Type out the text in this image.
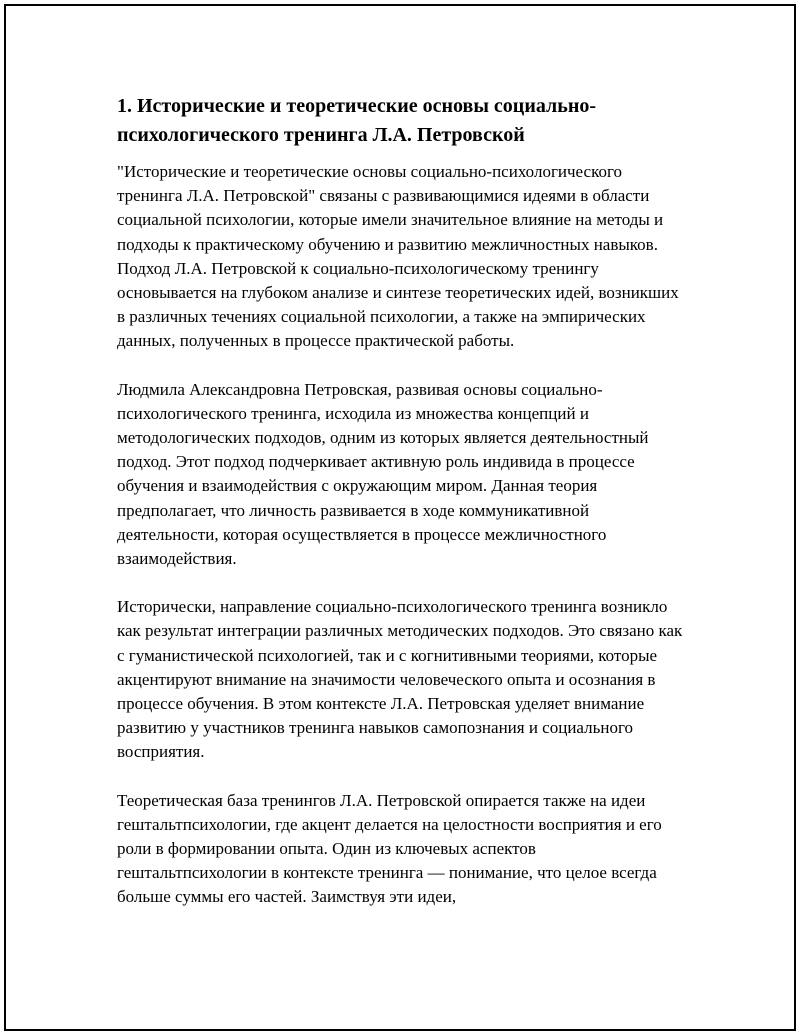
1. Исторические и теоретические основы социально-психологического тренинга Л.А. Петровской

"Исторические и теоретические основы социально-психологического тренинга Л.А. Петровской" связаны с развивающимися идеями в области социальной психологии, которые имели значительное влияние на методы и подходы к практическому обучению и развитию межличностных навыков. Подход Л.А. Петровской к социально-психологическому тренингу основывается на глубоком анализе и синтезе теоретических идей, возникших в различных течениях социальной психологии, а также на эмпирических данных, полученных в процессе практической работы.

Людмила Александровна Петровская, развивая основы социально-психологического тренинга, исходила из множества концепций и методологических подходов, одним из которых является деятельностный подход. Этот подход подчеркивает активную роль индивида в процессе обучения и взаимодействия с окружающим миром. Данная теория предполагает, что личность развивается в ходе коммуникативной деятельности, которая осуществляется в процессе межличностного взаимодействия.

Исторически, направление социально-психологического тренинга возникло как результат интеграции различных методических подходов. Это связано как с гуманистической психологией, так и с когнитивными теориями, которые акцентируют внимание на значимости человеческого опыта и осознания в процессе обучения. В этом контексте Л.А. Петровская уделяет внимание развитию у участников тренинга навыков самопознания и социального восприятия.

Теоретическая база тренингов Л.А. Петровской опирается также на идеи гештальтпсихологии, где акцент делается на целостности восприятия и его роли в формировании опыта. Один из ключевых аспектов гештальтпсихологии в контексте тренинга — понимание, что целое всегда больше суммы его частей. Заимствуя эти идеи,
